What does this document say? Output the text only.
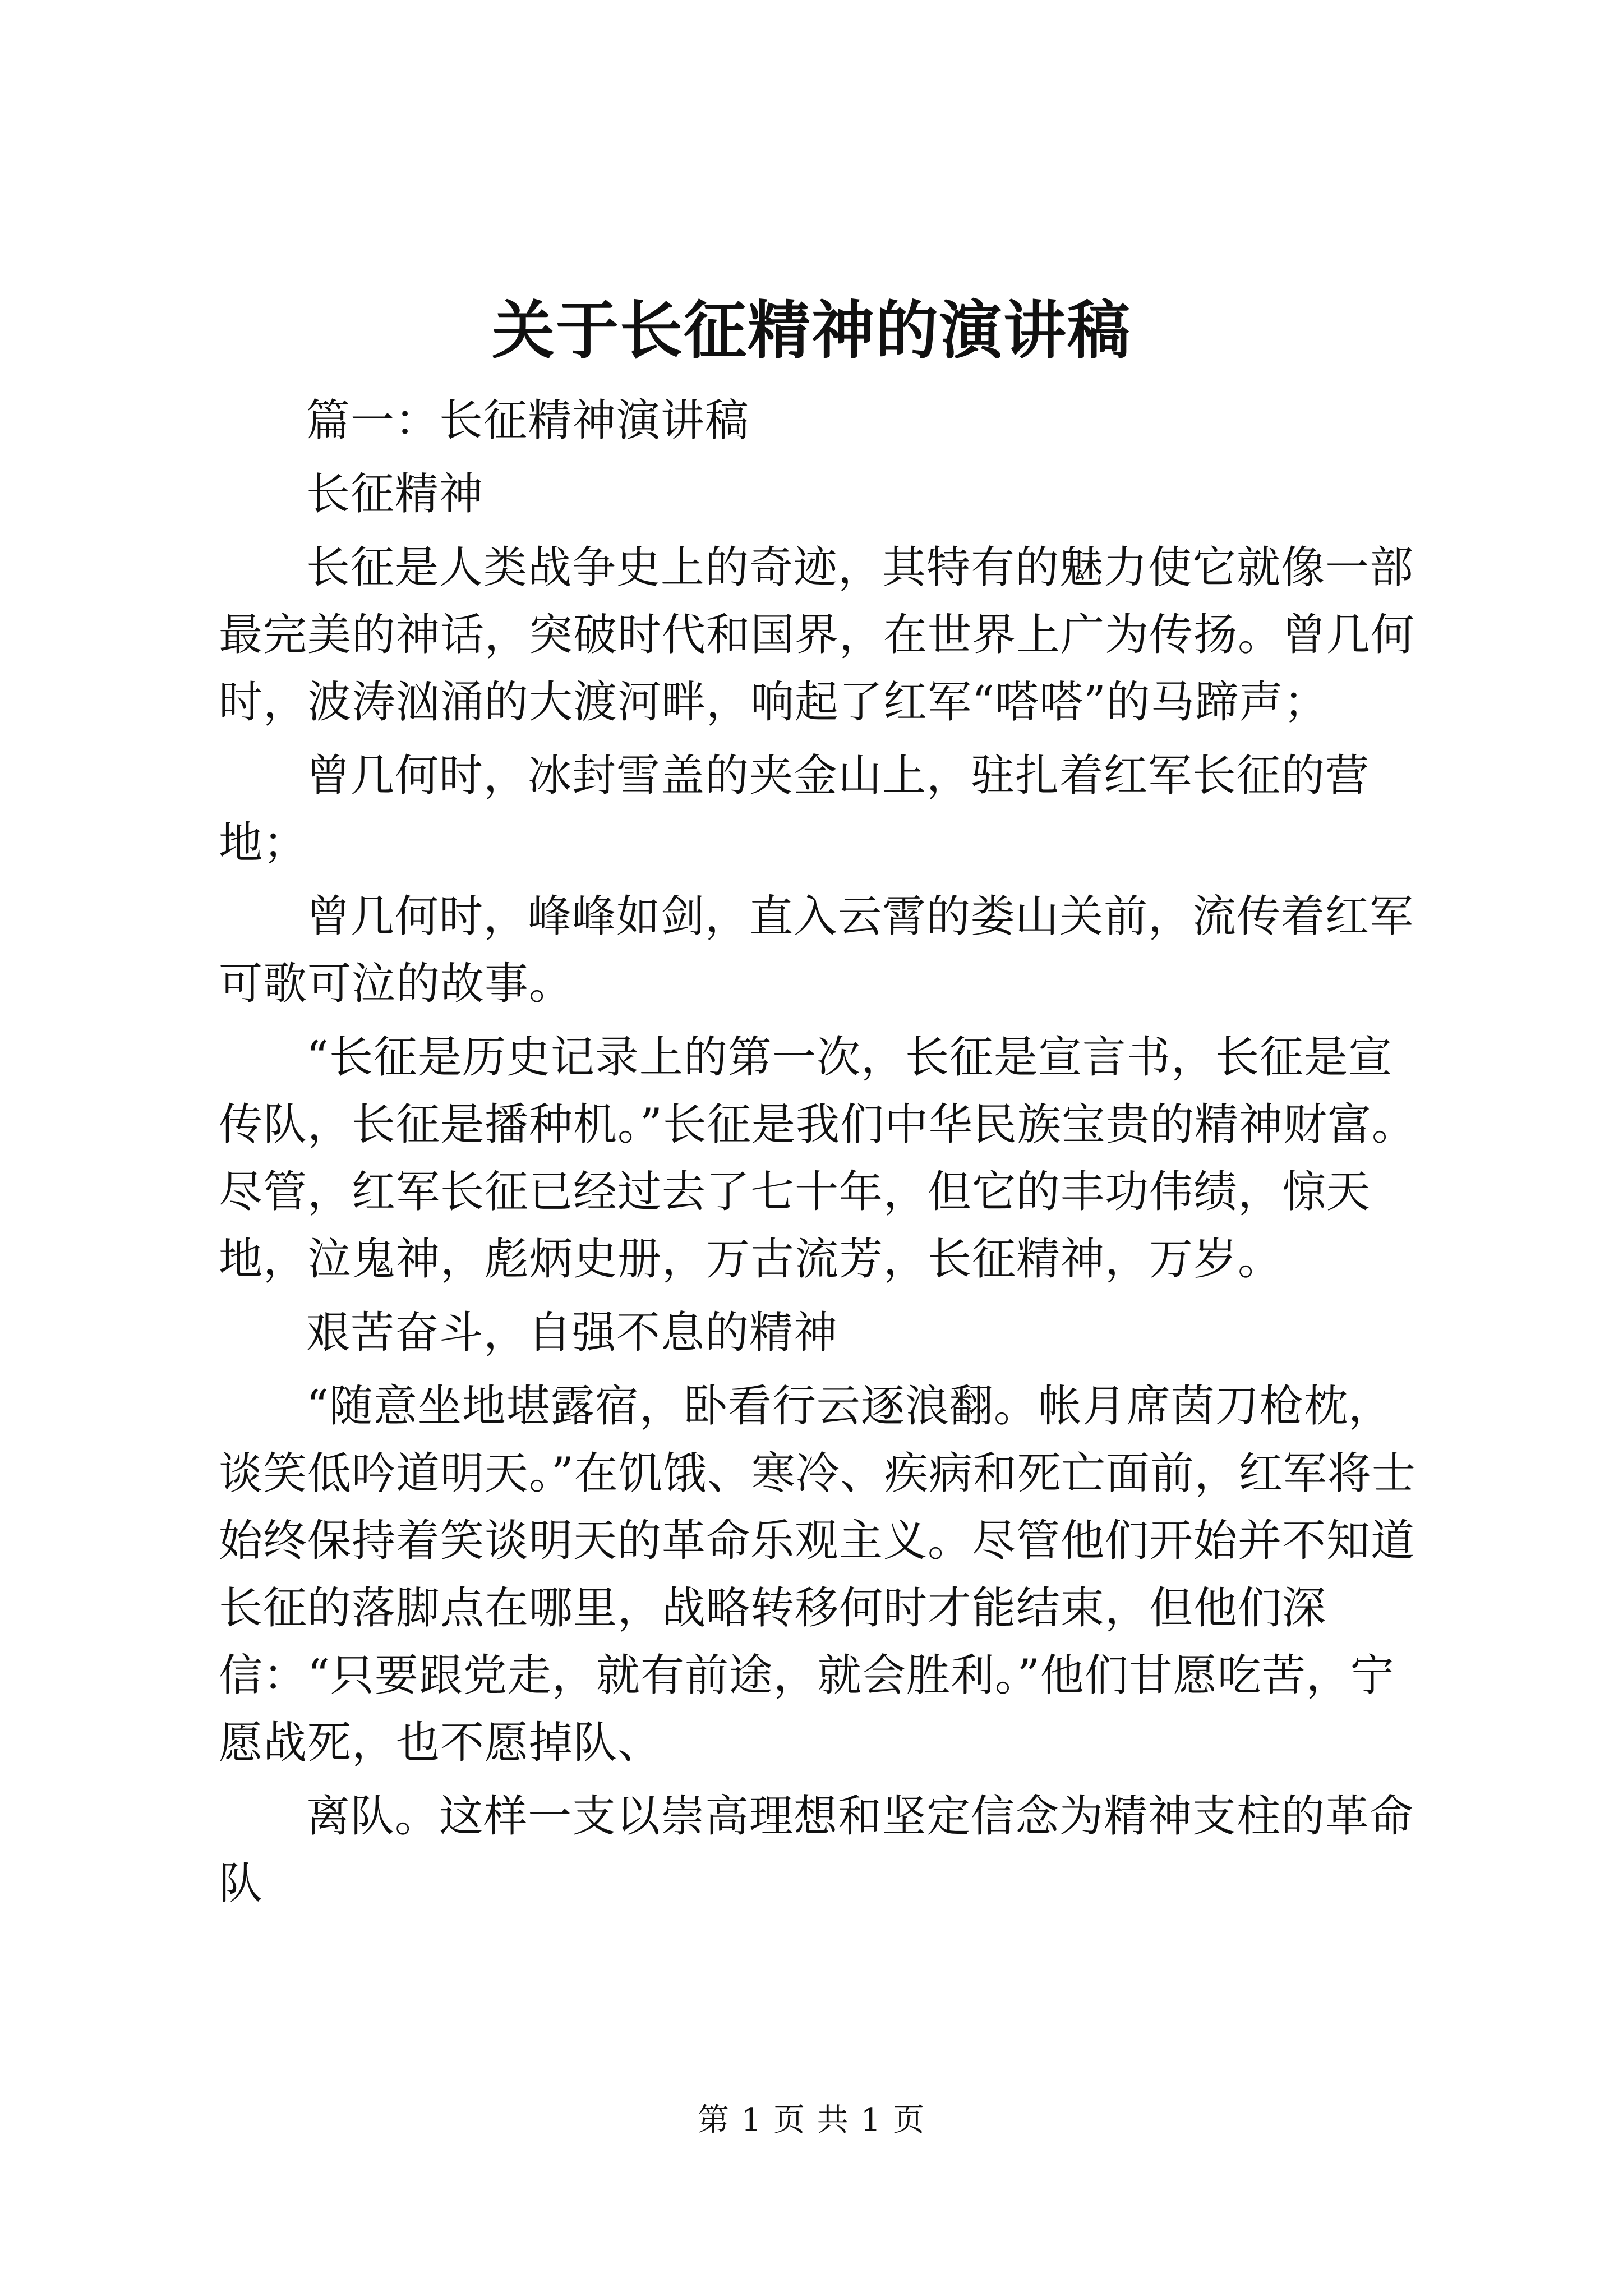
关于长征精神的演讲稿

篇一：长征精神演讲稿

长征精神

长征是人类战争史上的奇迹，其特有的魅力使它就像一部最完美的神话，突破时代和国界，在世界上广为传扬。曾几何时，波涛汹涌的大渡河畔，响起了红军“嗒嗒”的马蹄声；

曾几何时，冰封雪盖的夹金山上，驻扎着红军长征的营地；

曾几何时，峰峰如剑，直入云霄的娄山关前，流传着红军可歌可泣的故事。

“长征是历史记录上的第一次，长征是宣言书，长征是宣传队，长征是播种机。”长征是我们中华民族宝贵的精神财富。尽管，红军长征已经过去了七十年，但它的丰功伟绩，惊天地，泣鬼神，彪炳史册，万古流芳，长征精神，万岁。

艰苦奋斗，自强不息的精神

“随意坐地堪露宿，卧看行云逐浪翻。帐月席茵刀枪枕，谈笑低吟道明天。”在饥饿、寒冷、疾病和死亡面前，红军将士始终保持着笑谈明天的革命乐观主义。尽管他们开始并不知道长征的落脚点在哪里，战略转移何时才能结束，但他们深信：“只要跟党走，就有前途，就会胜利。”他们甘愿吃苦，宁愿战死，也不愿掉队、

离队。这样一支以崇高理想和坚定信念为精神支柱的革命队

第 1 页 共 1 页
